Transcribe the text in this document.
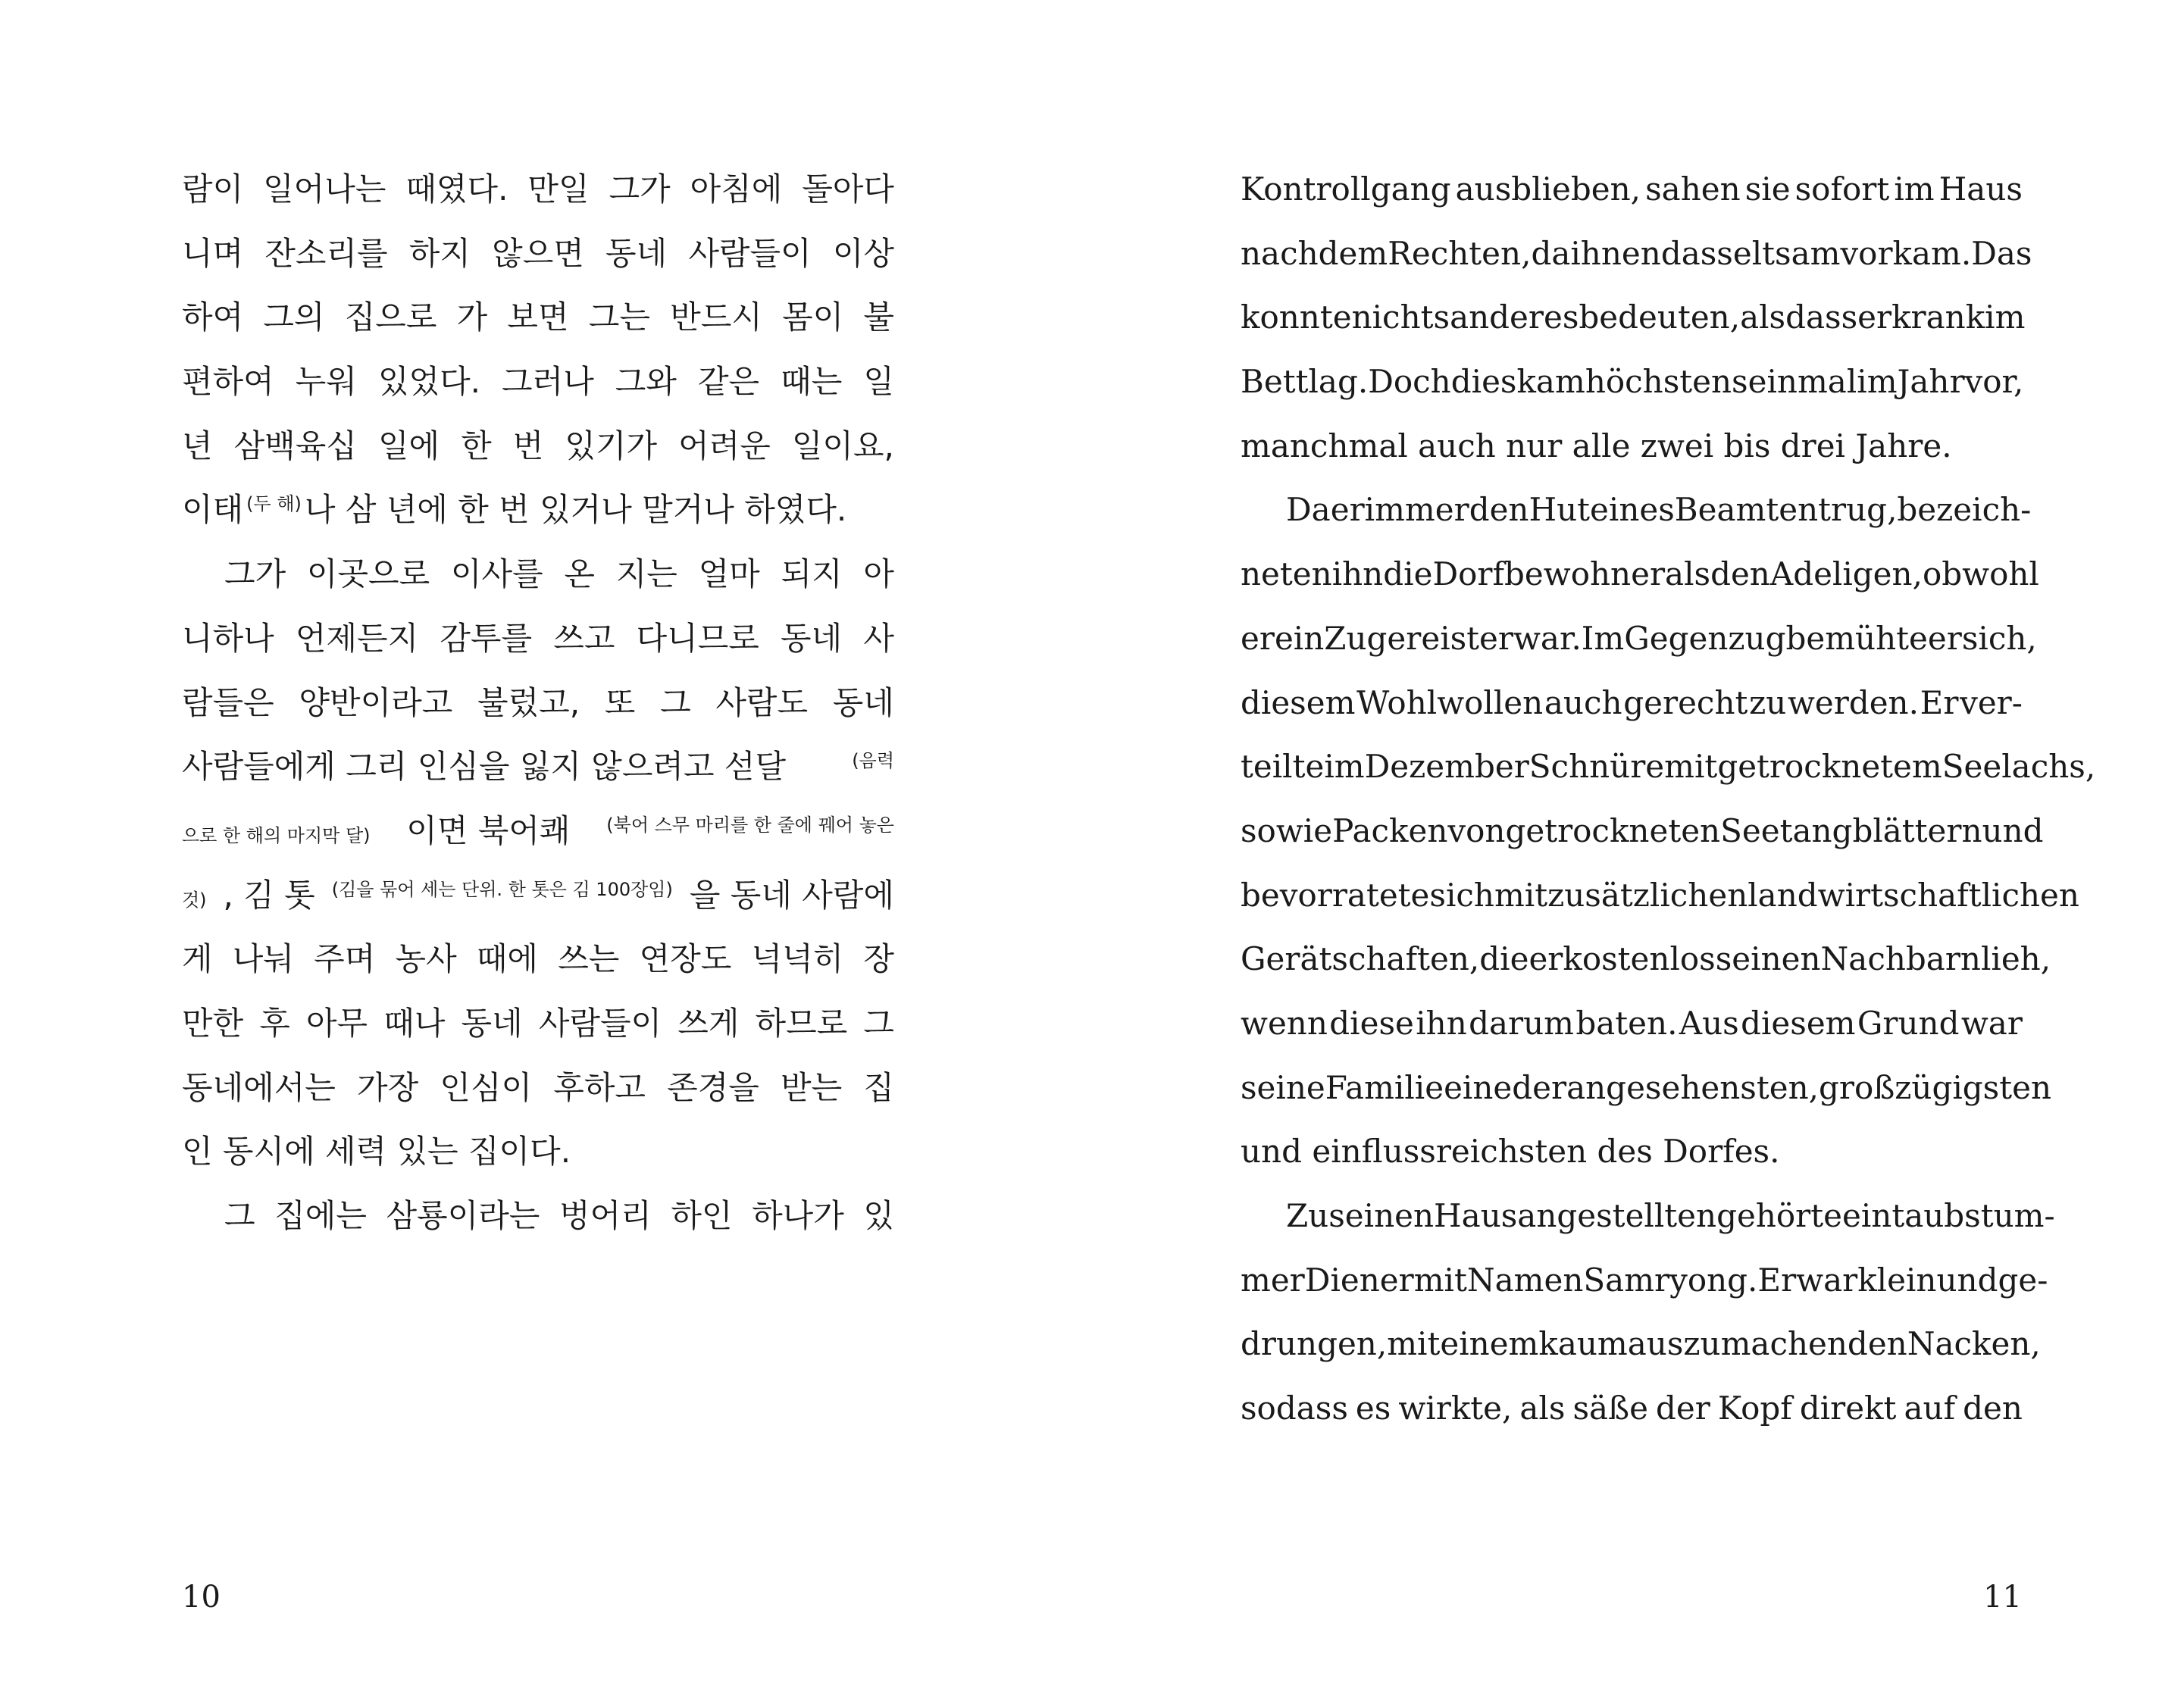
람이 일어나는 때였다. 만일 그가 아침에 돌아다
니며 잔소리를 하지 않으면 동네 사람들이 이상
하여 그의 집으로 가 보면 그는 반드시 몸이 불
편하여 누워 있었다. 그러나 그와 같은 때는 일
년 삼백육십 일에 한 번 있기가 어려운 일이요,
이태 (두 해) 나 삼 년에 한 번 있거나 말거나 하였다.
그가 이곳으로 이사를 온 지는 얼마 되지 아
니하나 언제든지 감투를 쓰고 다니므로 동네 사
람들은 양반이라고 불렀고, 또 그 사람도 동네
사람들에게 그리 인심을 잃지 않으려고 섣달	(음력
으로 한 해의 마지막 달) 이면 북어쾌 (북어 스무 마리를 한 줄에 꿰어 놓은
것) , 김 톳 (김을 묶어 세는 단위. 한 톳은 김 100장임) 을 동네 사람에
게 나눠 주며 농사 때에 쓰는 연장도 넉넉히 장
만한 후 아무 때나 동네 사람들이 쓰게 하므로 그
동네에서는 가장 인심이 후하고 존경을 받는 집
인 동시에 세력 있는 집이다.
그 집에는 삼룡이라는 벙어리 하인 하나가 있
10
Kontrollgang ausblieben, sahen sie sofort im Haus
nach dem Rechten, da ihnen das seltsam vorkam. Das
konnte nichts anderes bedeuten, als dass er krank im
Bett lag. Doch dies kam höchstens einmal im Jahr vor,
manchmal auch nur alle zwei bis drei Jahre.
Da er immer den Hut eines Beamten trug, bezeich-
neten ihn die Dorfbewohner als den Adeligen, obwohl
er ein Zugereister war. Im Gegenzug bemühte er sich,
diesem Wohlwollen auch gerecht zu werden. Er ver-
teilte im Dezember Schnüre mit getrocknetem Seelachs,
sowie Packen von getrockneten Seetangblättern und
bevorratete sich mit zusätzlichen landwirtschaftlichen
Gerätschaften, die er kostenlos seinen Nachbarn lieh,
wenn diese ihn darum baten. Aus diesem Grund war
seine Familie eine der angesehensten, großzügigsten
und einflussreichsten des Dorfes.
Zu seinen Hausangestellten gehörte ein taubstum-
mer Diener mit Namen Samryong. Er war klein und ge-
drungen, mit einem kaum auszumachenden Nacken,
sodass es wirkte, als säße der Kopf direkt auf den
11
